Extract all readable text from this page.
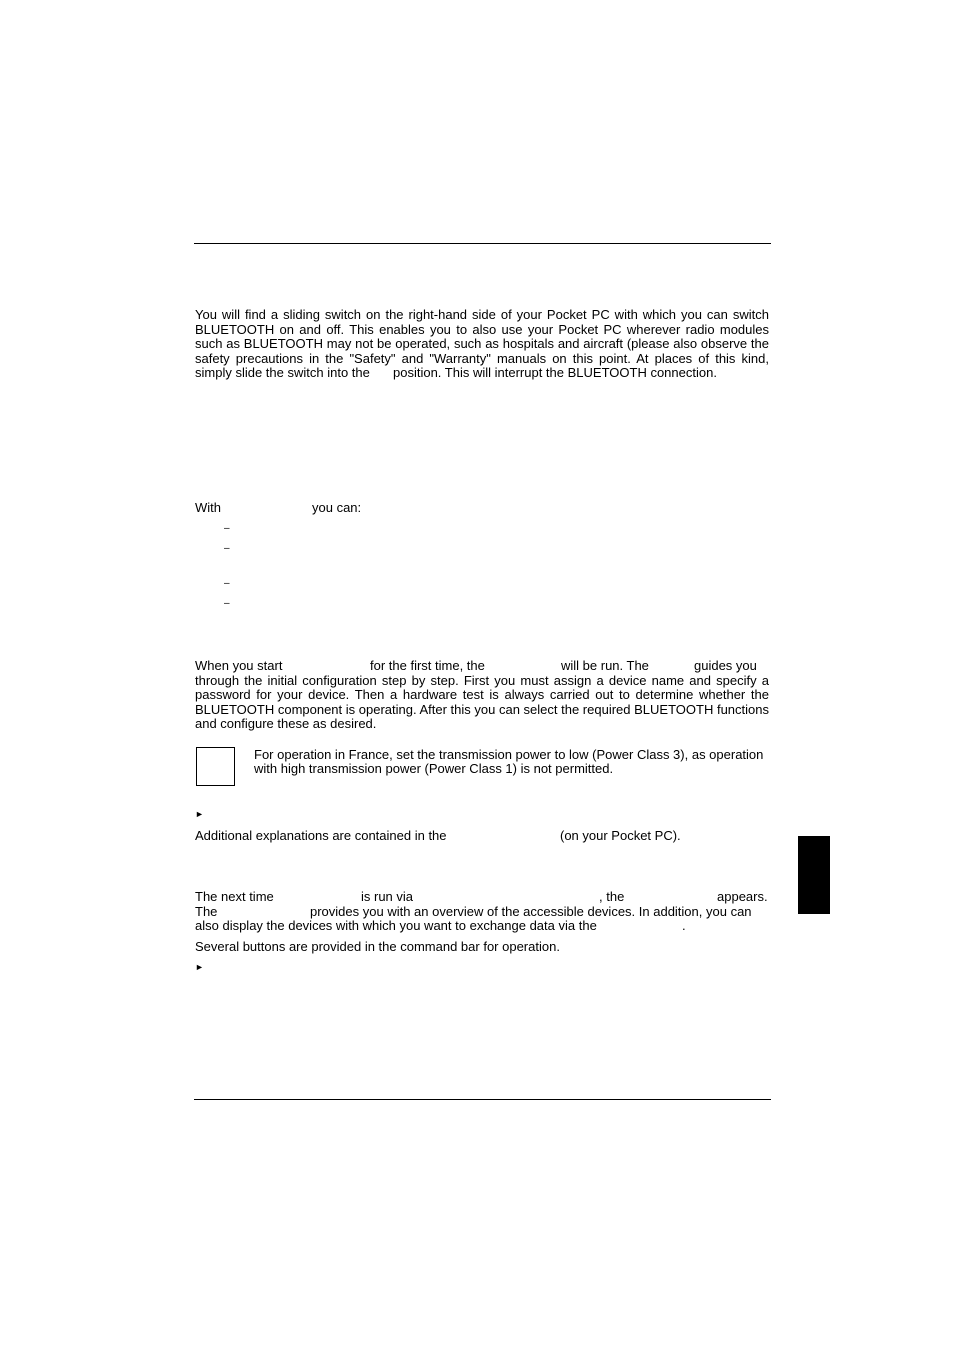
You will find a sliding switch on the right-hand side of your Pocket PC with which you can switch
BLUETOOTH on and off. This enables you to also use your Pocket PC wherever radio modules
such as BLUETOOTH may not be operated, such as hospitals and aircraft (please also observe the
safety precautions in the "Safety" and "Warranty" manuals on this point. At places of this kind,
simply slide the switch into the position. This will interrupt the BLUETOOTH connection.
With	you can:
–
–
–
–
When you start	for the first time, the	will be run. The	guides you
through the initial configuration step by step. First you must assign a device name and specify a
password for your device. Then a hardware test is always carried out to determine whether the
BLUETOOTH component is operating. After this you can select the required BLUETOOTH functions
and configure these as desired.
For operation in France, set the transmission power to low (Power Class 3), as operation
with high transmission power (Power Class 1) is not permitted.
►
Additional explanations are contained in the	(on your Pocket PC).
The next time	is run via	, the	appears.
The	provides you with an overview of the accessible devices. In addition, you can
also display the devices with which you want to exchange data via the	.
Several buttons are provided in the command bar for operation.
►
